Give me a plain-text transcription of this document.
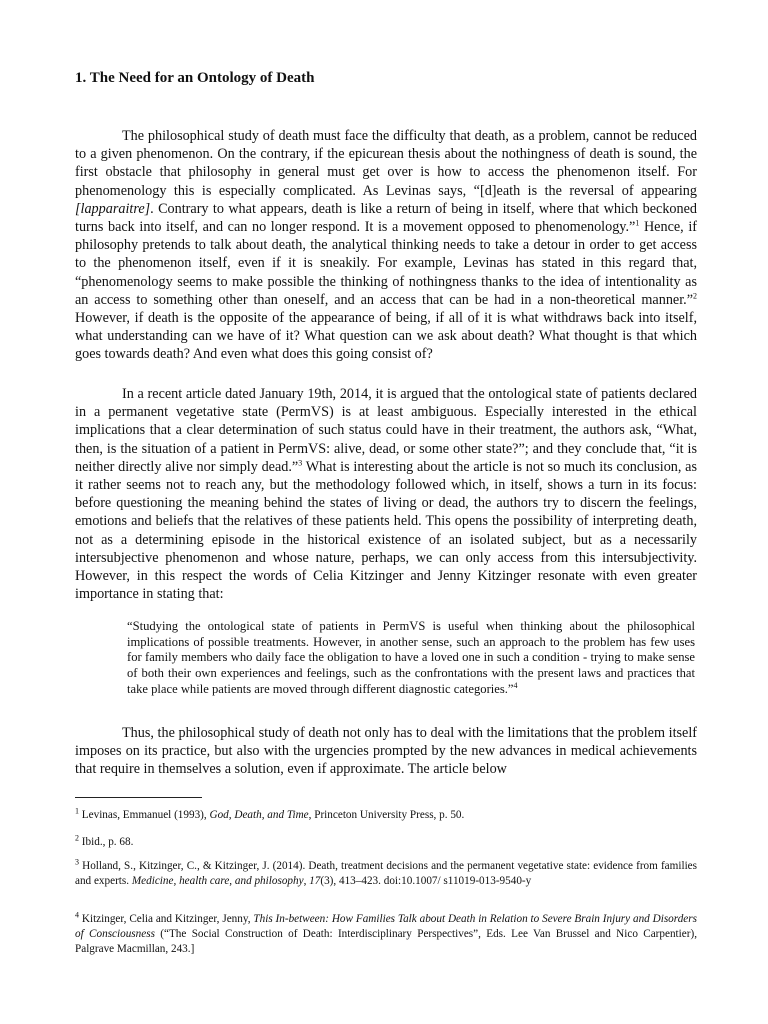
1. The Need for an Ontology of Death

The philosophical study of death must face the difficulty that death, as a problem, cannot be reduced to a given phenomenon. On the contrary, if the epicurean thesis about the nothingness of death is sound, the first obstacle that philosophy in general must get over is how to access the phenomenon itself. For phenomenology this is especially complicated. As Levinas says, “[d]eath is the reversal of appearing [lapparaitre]. Contrary to what appears, death is like a return of being in itself, where that which beckoned turns back into itself, and can no longer respond. It is a movement opposed to phenomenology.”$^1$ Hence, if philosophy pretends to talk about death, the analytical thinking needs to take a detour in order to get access to the phenomenon itself, even if it is sneakily. For example, Levinas has stated in this regard that, “phenomenology seems to make possible the thinking of nothingness thanks to the idea of intentionality as an access to something other than oneself, and an access that can be had in a non-theoretical manner.”$^2$ However, if death is the opposite of the appearance of being, if all of it is what withdraws back into itself, what understanding can we have of it? What question can we ask about death? What thought is that which goes towards death? And even what does this going consist of?

In a recent article dated January 19th, 2014, it is argued that the ontological state of patients declared in a permanent vegetative state (PermVS) is at least ambiguous. Especially interested in the ethical implications that a clear determination of such status could have in their treatment, the authors ask, “What, then, is the situation of a patient in PermVS: alive, dead, or some other state?”; and they conclude that, “it is neither directly alive nor simply dead.”$^3$ What is interesting about the article is not so much its conclusion, as it rather seems not to reach any, but the methodology followed which, in itself, shows a turn in its focus: before questioning the meaning behind the states of living or dead, the authors try to discern the feelings, emotions and beliefs that the relatives of these patients held. This opens the possibility of interpreting death, not as a determining episode in the historical existence of an isolated subject, but as a necessarily intersubjective phenomenon and whose nature, perhaps, we can only access from this intersubjectivity. However, in this respect the words of Celia Kitzinger and Jenny Kitzinger resonate with even greater importance in stating that:

“Studying the ontological state of patients in PermVS is useful when thinking about the philosophical implications of possible treatments. However, in another sense, such an approach to the problem has few uses for family members who daily face the obligation to have a loved one in such a condition - trying to make sense of both their own experiences and feelings, such as the confrontations with the present laws and practices that take place while patients are moved through different diagnostic categories.”$^4$

Thus, the philosophical study of death not only has to deal with the limitations that the problem itself imposes on its practice, but also with the urgencies prompted by the new advances in medical achievements that require in themselves a solution, even if approximate. The article below

$^1$ Levinas, Emmanuel (1993), God, Death, and Time, Princeton University Press, p. 50.

$^2$ Ibid., p. 68.

$^3$ Holland, S., Kitzinger, C., & Kitzinger, J. (2014). Death, treatment decisions and the permanent vegetative state: evidence from families and experts. Medicine, health care, and philosophy, 17(3), 413–423. doi:10.1007/ s11019-013-9540-y

$^4$ Kitzinger, Celia and Kitzinger, Jenny, This In-between: How Families Talk about Death in Relation to Severe Brain Injury and Disorders of Consciousness (“The Social Construction of Death: Interdisciplinary Perspectives”, Eds. Lee Van Brussel and Nico Carpentier), Palgrave Macmillan, 243.]
